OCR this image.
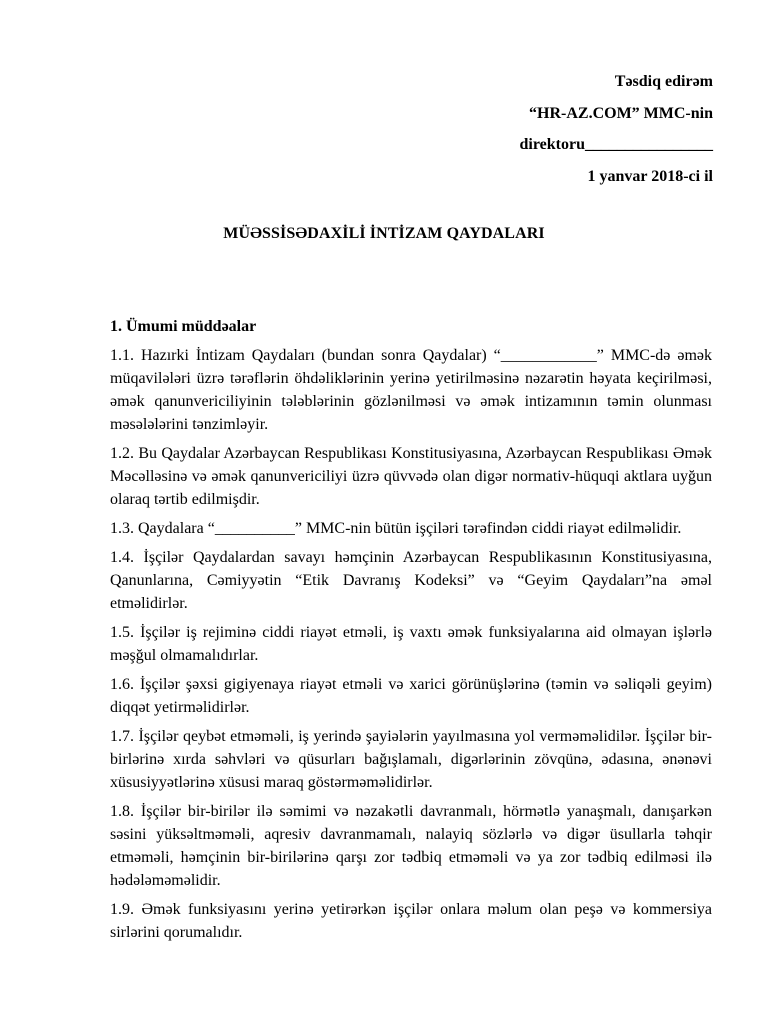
Təsdiq edirəm
“HR-AZ.COM” MMC-nin
direktoru________________
1 yanvar 2018-ci il
MÜƏSSİSƏDAXİLİ İNTİZAM QAYDALARI
1. Ümumi müddəalar

1.1. Hazırki İntizam Qaydaları (bundan sonra Qaydalar) “____________” MMC-də əmək müqavilələri üzrə tərəflərin öhdəliklərinin yerinə yetirilməsinə nəzarətin həyata keçirilməsi, əmək qanunvericiliyinin tələblərinin gözlənilməsi və əmək intizamının təmin olunması məsələlərini tənzimləyir.

1.2. Bu Qaydalar Azərbaycan Respublikası Konstitusiyasına, Azərbaycan Respublikası Əmək Məcəlləsinə və əmək qanunvericiliyi üzrə qüvvədə olan digər normativ-hüquqi aktlara uyğun olaraq tərtib edilmişdir.

1.3. Qaydalara “__________” MMC-nin bütün işçiləri tərəfindən ciddi riayət edilməlidir.

1.4. İşçilər Qaydalardan savayı həmçinin Azərbaycan Respublikasının Konstitusiyasına, Qanunlarına, Cəmiyyətin “Etik Davranış Kodeksi” və “Geyim Qaydaları”na əməl etməlidirlər.

1.5. İşçilər iş rejiminə ciddi riayət etməli, iş vaxtı əmək funksiyalarına aid olmayan işlərlə məşğul olmamalıdırlar.

1.6. İşçilər şəxsi gigiyenaya riayət etməli və xarici görünüşlərinə (təmin və səliqəli geyim) diqqət yetirməlidirlər.

1.7. İşçilər qeybət etməməli, iş yerində şayiələrin yayılmasına yol verməməlidilər. İşçilər bir-birlərinə xırda səhvləri və qüsurları bağışlamalı, digərlərinin zövqünə, ədasına, ənənəvi xüsusiyyətlərinə xüsusi maraq göstərməməlidirlər.

1.8. İşçilər bir-birilər ilə səmimi və nəzakətli davranmalı, hörmətlə yanaşmalı, danışarkən səsini yüksəltməməli, aqresiv davranmamalı, nalayiq sözlərlə və digər üsullarla təhqir etməməli, həmçinin bir-birilərinə qarşı zor tədbiq etməməli və ya zor tədbiq edilməsi ilə hədələməməlidir.

1.9. Əmək funksiyasını yerinə yetirərkən işçilər onlara məlum olan peşə və kommersiya sirlərini qorumalıdır.
